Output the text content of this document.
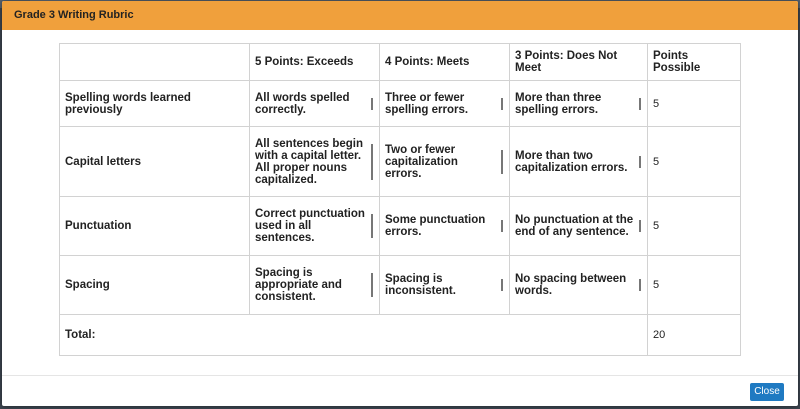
Grade 3 Writing Rubric
	5 Points: Exceeds	4 Points: Meets	3 Points: Does Not Meet	Points Possible
Spelling words learned previously	All words spelled correctly.	Three or fewer spelling errors.	More than three spelling errors.	5
Capital letters	All sentences begin with a capital letter. All proper nouns capitalized.	Two or fewer capitalization errors.	More than two capitalization errors.	5
Punctuation	Correct punctuation used in all sentences.	Some punctuation errors.	No punctuation at the end of any sentence.	5
Spacing	Spacing is appropriate and consistent.	Spacing is inconsistent.	No spacing between words.	5
Total:				20
Close
